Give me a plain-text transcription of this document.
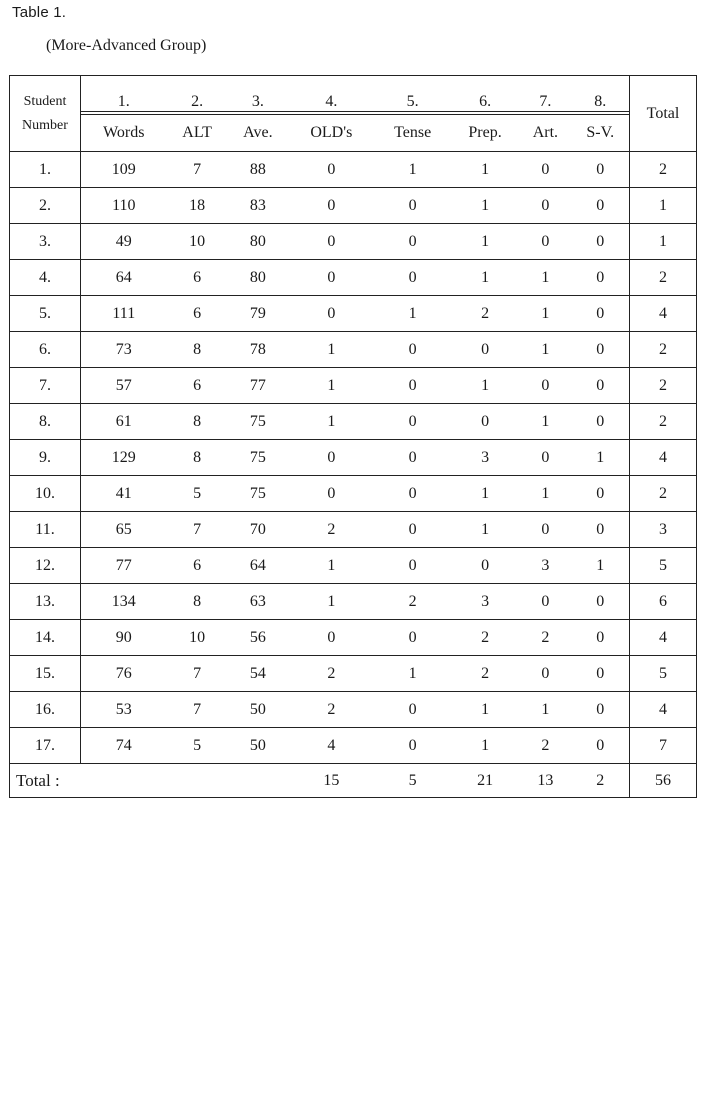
Table 1.
(More-Advanced Group)
Student
Number	1.	2.	3.	4.	5.	6.	7.	8.	Total
	Words	ALT	Ave.	OLD's	Tense	Prep.	Art.	S-V.	
1.	109	7	88	0	1	1	0	0	2
2.	110	18	83	0	0	1	0	0	1
3.	49	10	80	0	0	1	0	0	1
4.	64	6	80	0	0	1	1	0	2
5.	111	6	79	0	1	2	1	0	4
6.	73	8	78	1	0	0	1	0	2
7.	57	6	77	1	0	1	0	0	2
8.	61	8	75	1	0	0	1	0	2
9.	129	8	75	0	0	3	0	1	4
10.	41	5	75	0	0	1	1	0	2
11.	65	7	70	2	0	1	0	0	3
12.	77	6	64	1	0	0	3	1	5
13.	134	8	63	1	2	3	0	0	6
14.	90	10	56	0	0	2	2	0	4
15.	76	7	54	2	1	2	0	0	5
16.	53	7	50	2	0	1	1	0	4
17.	74	5	50	4	0	1	2	0	7
Total :				15	5	21	13	2	56
